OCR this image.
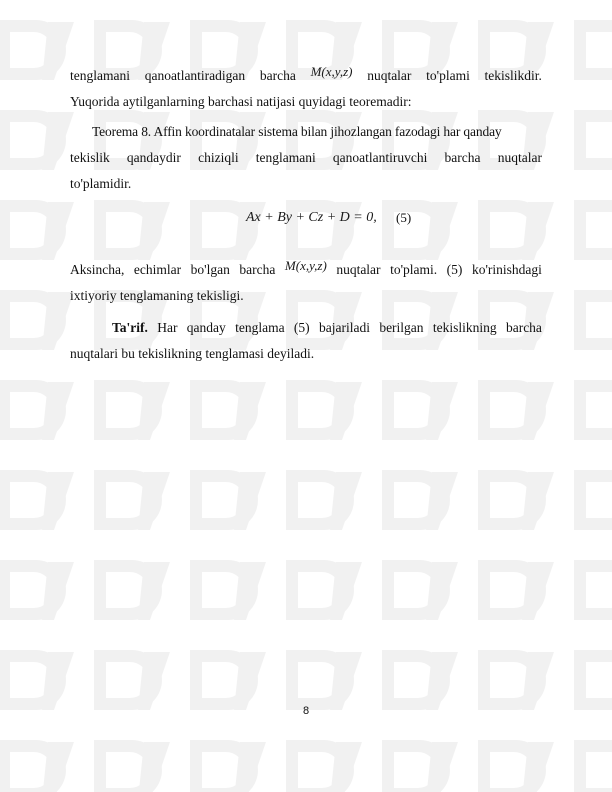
tenglamani qanoatlantiradigan barcha M(x,y,z) nuqtalar to'plami tekislikdir.
Yuqorida aytilganlarning barchasi natijasi quyidagi teoremadir:
Teorema 8. Affin koordinatalar sistema bilan jihozlangan fazodagi har qanday
tekislik qandaydir chiziqli tenglamani qanoatlantiruvchi barcha nuqtalar
to'plamidir.
Ax + By + Cz + D = 0, (5)
Aksincha, echimlar bo'lgan barcha M(x,y,z) nuqtalar to'plami. (5) ko'rinishdagi
ixtiyoriy tenglamaning tekisligi.
Ta'rif. Har qanday tenglama (5) bajariladi berilgan tekislikning barcha
nuqtalari bu tekislikning tenglamasi deyiladi.
8
